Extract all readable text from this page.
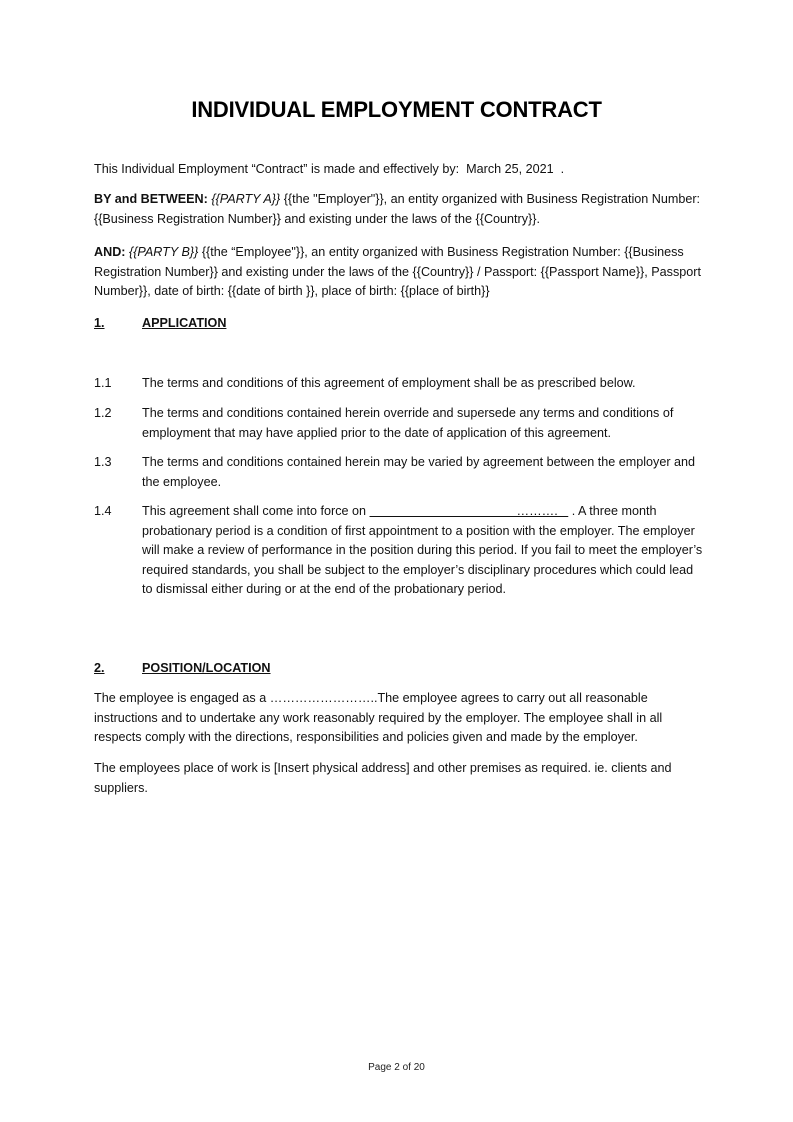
INDIVIDUAL EMPLOYMENT CONTRACT
This Individual Employment “Contract” is made and effectively by: March 25, 2021 .
BY and BETWEEN: {{PARTY A}} {{the "Employer"}}, an entity organized with Business Registration Number: {{Business Registration Number}} and existing under the laws of the {{Country}}.
AND: {{PARTY B}} {{the “Employee"}}, an entity organized with Business Registration Number: {{Business Registration Number}} and existing under the laws of the {{Country}} / Passport: {{Passport Name}}, Passport Number}}, date of birth: {{date of birth }}, place of birth: {{place of birth}}
1.	APPLICATION
1.1 The terms and conditions of this agreement of employment shall be as prescribed below.
1.2 The terms and conditions contained herein override and supersede any terms and conditions of employment that may have applied prior to the date of application of this agreement.
1.3 The terms and conditions contained herein may be varied by agreement between the employer and the employee.
1.4 This agreement shall come into force on                                           ……….    . A three month probationary period is a condition of first appointment to a position with the employer. The employer will make a review of performance in the position during this period. If you fail to meet the employer’s required standards, you shall be subject to the employer’s disciplinary procedures which could lead to dismissal either during or at the end of the probationary period.
2.	POSITION/LOCATION
The employee is engaged as a ……………………..The employee agrees to carry out all reasonable instructions and to undertake any work reasonably required by the employer. The employee shall in all respects comply with the directions, responsibilities and policies given and made by the employer.
The employees place of work is [Insert physical address] and other premises as required. ie. clients and suppliers.
Page 2 of 20
